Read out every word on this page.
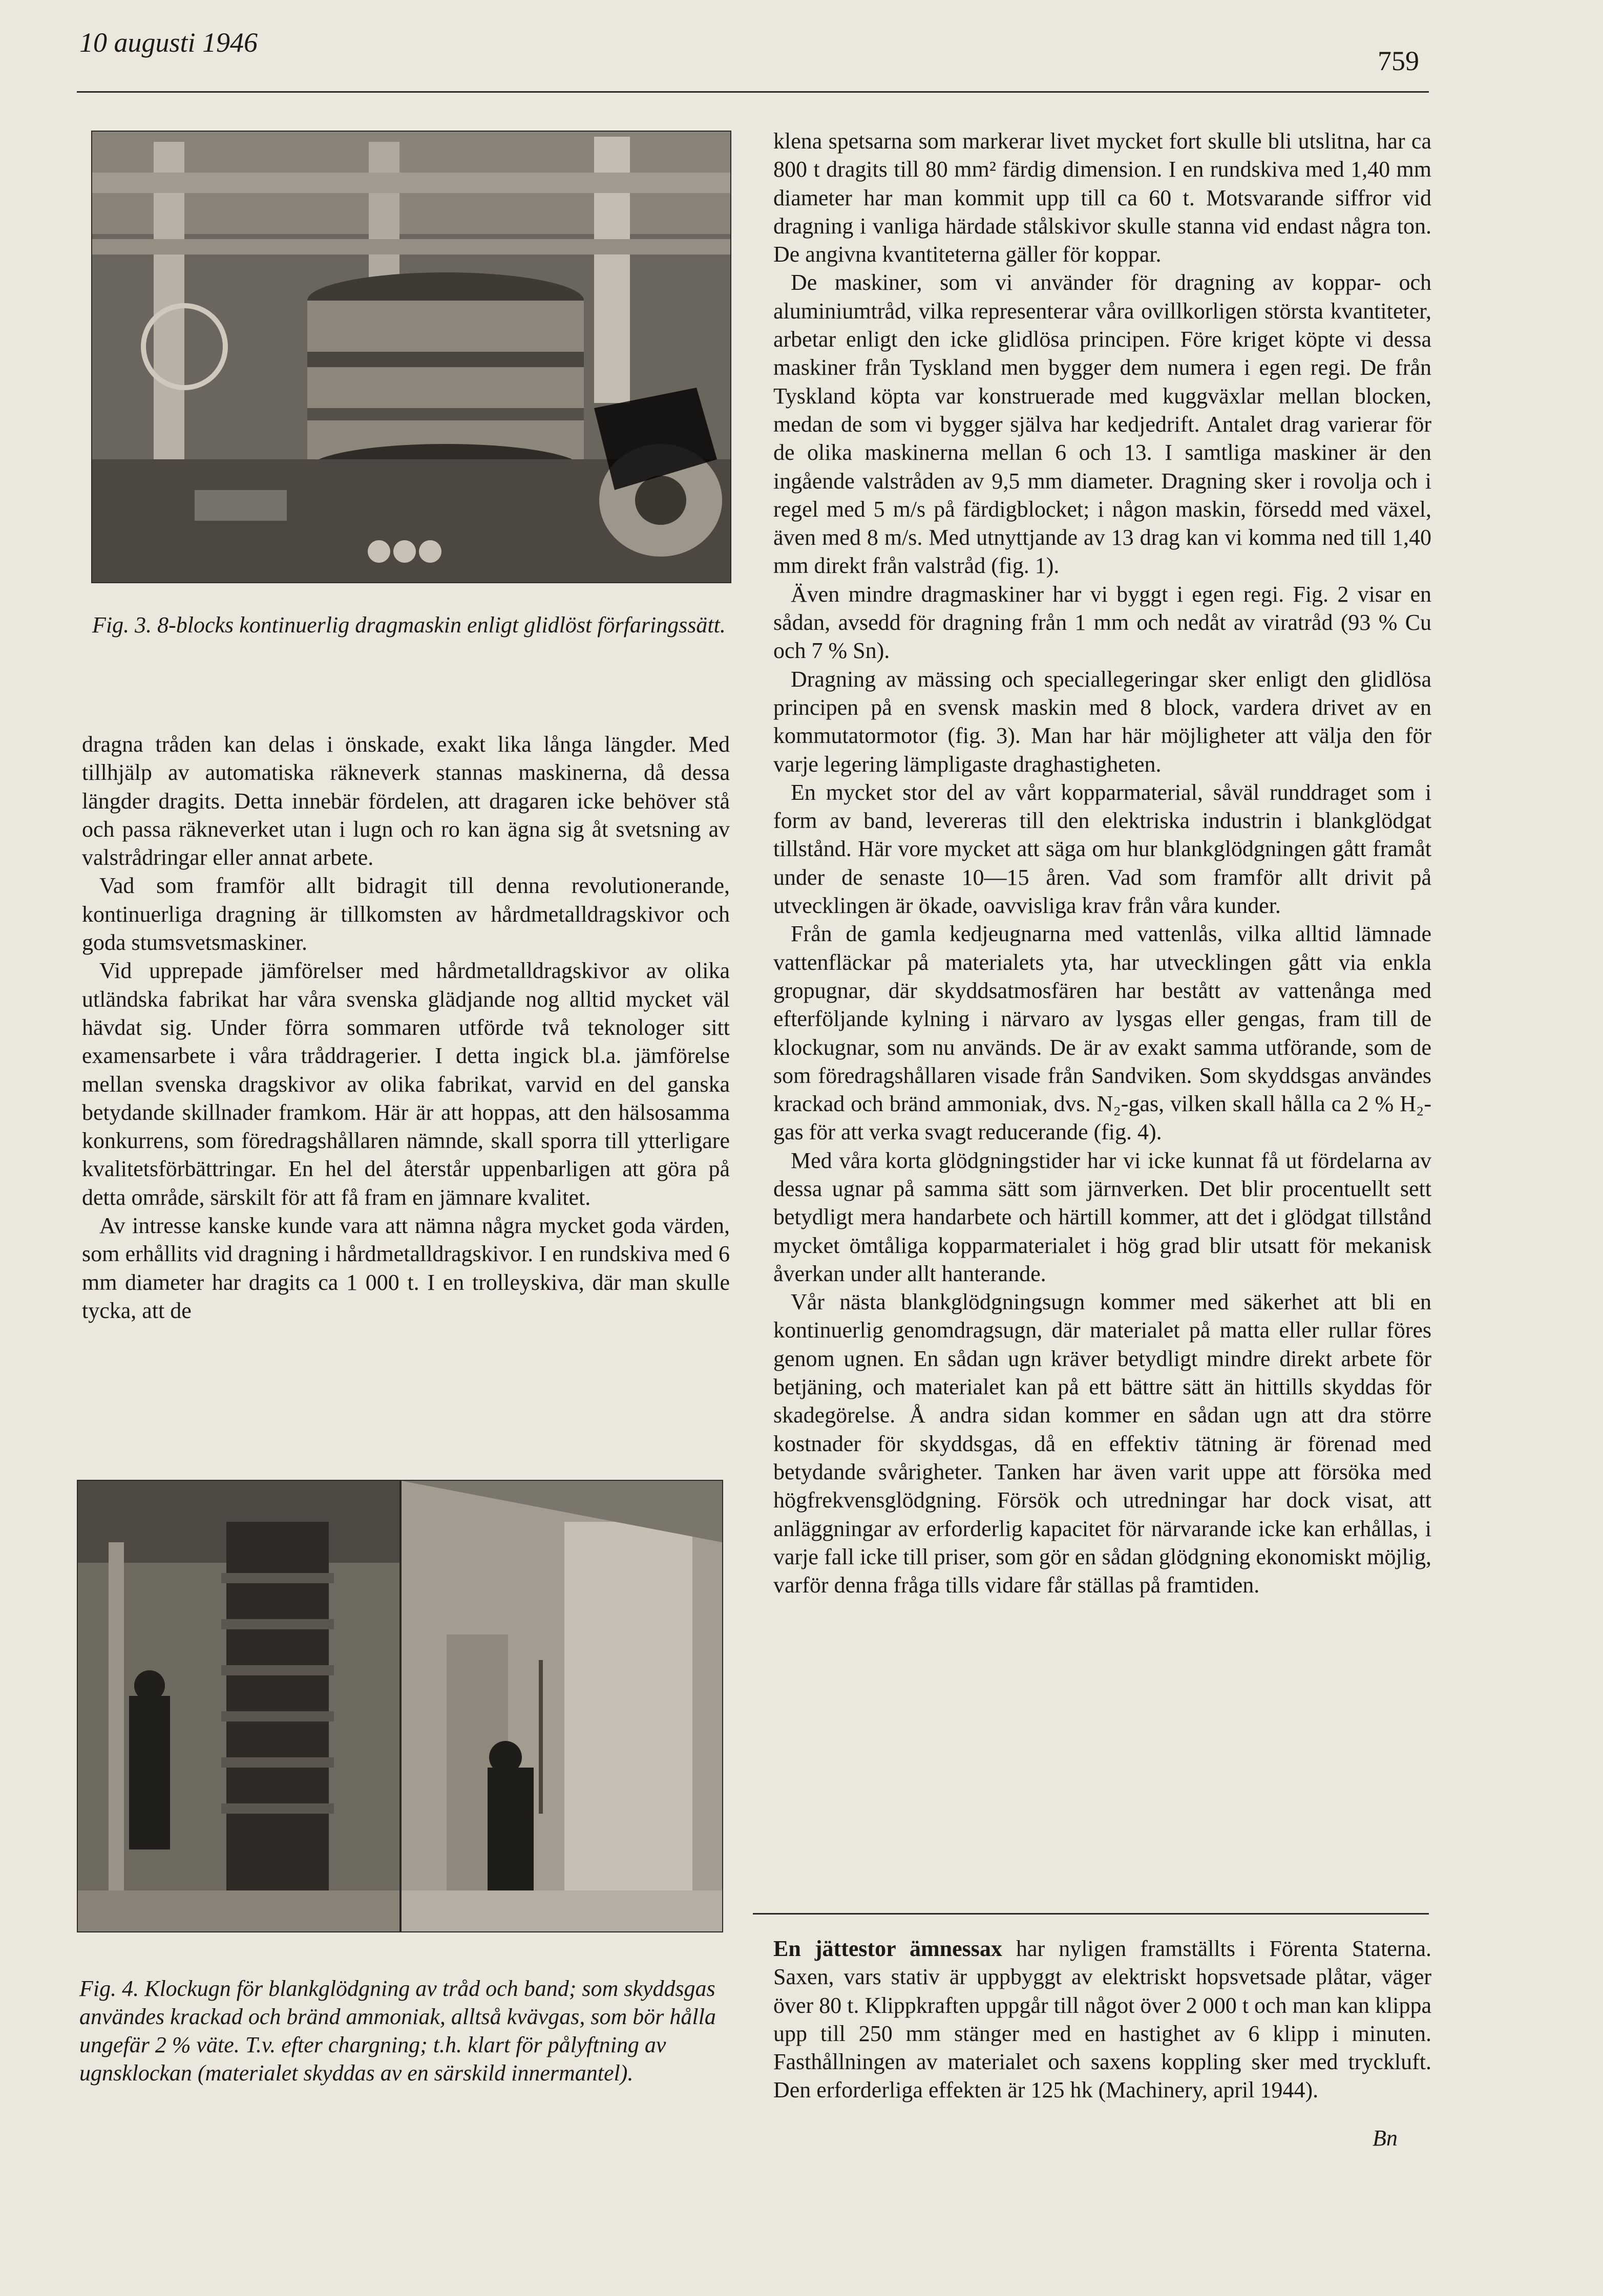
10 augusti 1946
759

Fig. 3. 8-blocks kontinuerlig dragmaskin enligt glidlöst förfaringssätt.

dragna tråden kan delas i önskade, exakt lika långa längder. Med tillhjälp av automatiska räkneverk stannas maskinerna, då dessa längder dragits. Detta innebär fördelen, att dragaren icke behöver stå och passa räkneverket utan i lugn och ro kan ägna sig åt svetsning av valstrådringar eller annat arbete.

Vad som framför allt bidragit till denna revolutionerande, kontinuerliga dragning är tillkomsten av hårdmetalldragskivor och goda stumsvetsmaskiner.

Vid upprepade jämförelser med hårdmetalldragskivor av olika utländska fabrikat har våra svenska glädjande nog alltid mycket väl hävdat sig. Under förra sommaren utförde två teknologer sitt examensarbete i våra tråddragerier. I detta ingick bl.a. jämförelse mellan svenska dragskivor av olika fabrikat, varvid en del ganska betydande skillnader framkom. Här är att hoppas, att den hälsosamma konkurrens, som föredragshållaren nämnde, skall sporra till ytterligare kvalitetsförbättringar. En hel del återstår uppenbarligen att göra på detta område, särskilt för att få fram en jämnare kvalitet.

Av intresse kanske kunde vara att nämna några mycket goda värden, som erhållits vid dragning i hårdmetalldragskivor. I en rundskiva med 6 mm diameter har dragits ca 1 000 t. I en trolleyskiva, där man skulle tycka, att de

Fig. 4. Klockugn för blankglödgning av tråd och band; som skyddsgas användes krackad och bränd ammoniak, alltså kvävgas, som bör hålla ungefär 2 % väte. T.v. efter chargning; t.h. klart för pålyftning av ugnsklockan (materialet skyddas av en särskild innermantel).

klena spetsarna som markerar livet mycket fort skulle bli utslitna, har ca 800 t dragits till 80 mm² färdig dimension. I en rundskiva med 1,40 mm diameter har man kommit upp till ca 60 t. Motsvarande siffror vid dragning i vanliga härdade stålskivor skulle stanna vid endast några ton. De angivna kvantiteterna gäller för koppar.

De maskiner, som vi använder för dragning av koppar- och aluminiumtråd, vilka representerar våra ovillkorligen största kvantiteter, arbetar enligt den icke glidlösa principen. Före kriget köpte vi dessa maskiner från Tyskland men bygger dem numera i egen regi. De från Tyskland köpta var konstruerade med kuggväxlar mellan blocken, medan de som vi bygger själva har kedjedrift. Antalet drag varierar för de olika maskinerna mellan 6 och 13. I samtliga maskiner är den ingående valstråden av 9,5 mm diameter. Dragning sker i rovolja och i regel med 5 m/s på färdigblocket; i någon maskin, försedd med växel, även med 8 m/s. Med utnyttjande av 13 drag kan vi komma ned till 1,40 mm direkt från valstråd (fig. 1).

Även mindre dragmaskiner har vi byggt i egen regi. Fig. 2 visar en sådan, avsedd för dragning från 1 mm och nedåt av viratråd (93 % Cu och 7 % Sn).

Dragning av mässing och speciallegeringar sker enligt den glidlösa principen på en svensk maskin med 8 block, vardera drivet av en kommutatormotor (fig. 3). Man har här möjligheter att välja den för varje legering lämpligaste draghastigheten.

En mycket stor del av vårt kopparmaterial, såväl runddraget som i form av band, levereras till den elektriska industrin i blankglödgat tillstånd. Här vore mycket att säga om hur blankglödgningen gått framåt under de senaste 10—15 åren. Vad som framför allt drivit på utvecklingen är ökade, oavvisliga krav från våra kunder.

Från de gamla kedjeugnarna med vattenlås, vilka alltid lämnade vattenfläckar på materialets yta, har utvecklingen gått via enkla gropugnar, där skyddsatmosfären har bestått av vattenånga med efterföljande kylning i närvaro av lysgas eller gengas, fram till de klockugnar, som nu används. De är av exakt samma utförande, som de som föredragshållaren visade från Sandviken. Som skyddsgas användes krackad och bränd ammoniak, dvs. N₂-gas, vilken skall hålla ca 2 % H₂-gas för att verka svagt reducerande (fig. 4).

Med våra korta glödgningstider har vi icke kunnat få ut fördelarna av dessa ugnar på samma sätt som järnverken. Det blir procentuellt sett betydligt mera handarbete och härtill kommer, att det i glödgat tillstånd mycket ömtåliga kopparmaterialet i hög grad blir utsatt för mekanisk åverkan under allt hanterande.

Vår nästa blankglödgningsugn kommer med säkerhet att bli en kontinuerlig genomdragsugn, där materialet på matta eller rullar föres genom ugnen. En sådan ugn kräver betydligt mindre direkt arbete för betjäning, och materialet kan på ett bättre sätt än hittills skyddas för skadegörelse. Å andra sidan kommer en sådan ugn att dra större kostnader för skyddsgas, då en effektiv tätning är förenad med betydande svårigheter. Tanken har även varit uppe att försöka med högfrekvensglödgning. Försök och utredningar har dock visat, att anläggningar av erforderlig kapacitet för närvarande icke kan erhållas, i varje fall icke till priser, som gör en sådan glödgning ekonomiskt möjlig, varför denna fråga tills vidare får ställas på framtiden.

En jättestor ämnessax har nyligen framställts i Förenta Staterna. Saxen, vars stativ är uppbyggt av elektriskt hopsvetsade plåtar, väger över 80 t. Klippkraften uppgår till något över 2 000 t och man kan klippa upp till 250 mm stänger med en hastighet av 6 klipp i minuten. Fasthållningen av materialet och saxens koppling sker med tryckluft. Den erforderliga effekten är 125 hk (Machinery, april 1944).

Bn
